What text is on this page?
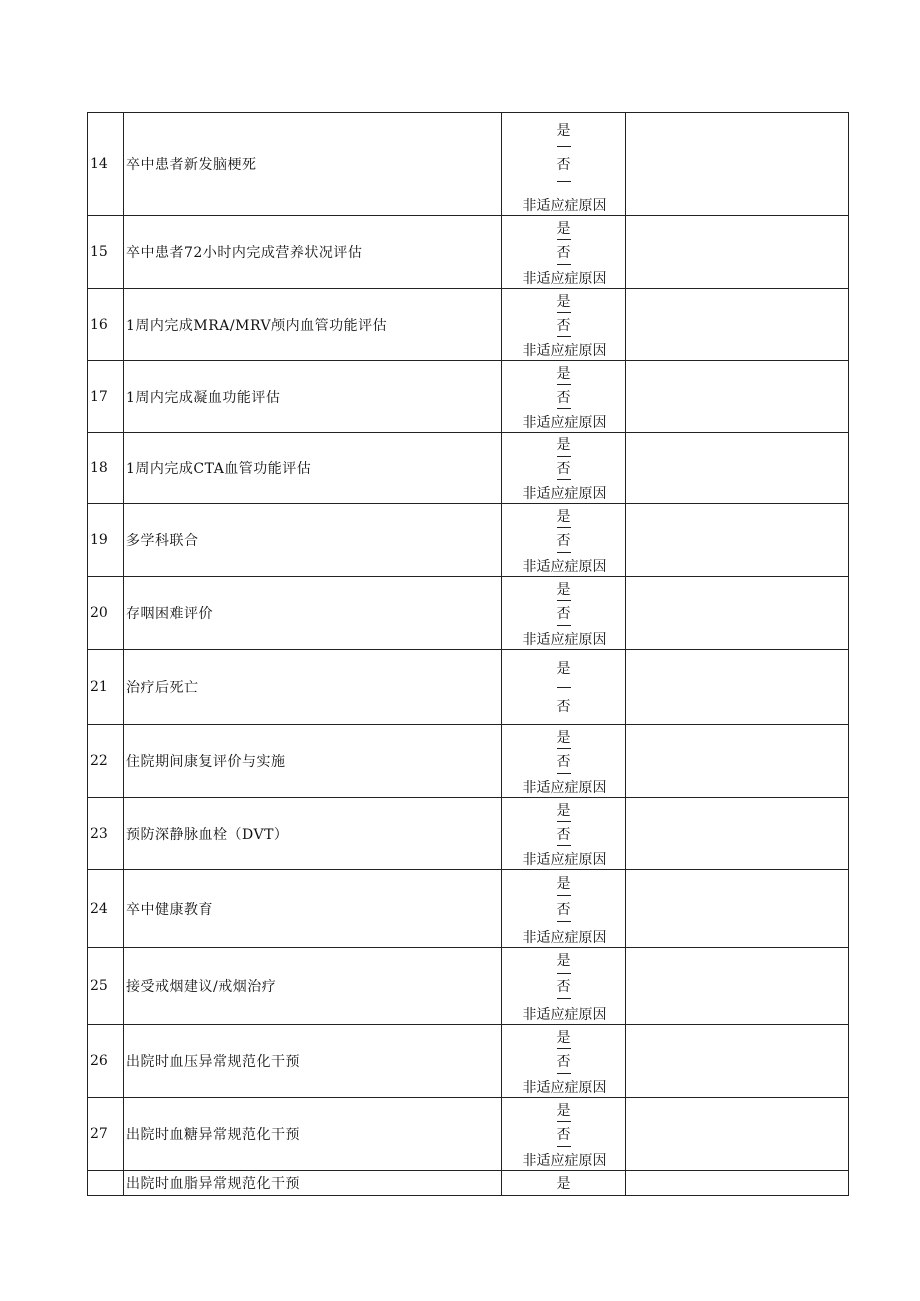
14	卒中患者新发脑梗死
是
否
非适应症原因
15	卒中患者72小时内完成营养状况评估
是
否
非适应症原因
16	1周内完成MRA/MRV颅内血管功能评估
是
否
非适应症原因
17	1周内完成凝血功能评估
是
否
非适应症原因
18	1周内完成CTA血管功能评估
是
否
非适应症原因
19	多学科联合
是
否
非适应症原因
20	存咽困难评价
是
否
非适应症原因
21	治疗后死亡
是
否
22	住院期间康复评价与实施
是
否
非适应症原因
23	预防深静脉血栓（DVT）
是
否
非适应症原因
24	卒中健康教育
是
否
非适应症原因
25	接受戒烟建议/戒烟治疗
是
否
非适应症原因
26	出院时血压异常规范化干预
是
否
非适应症原因
27	出院时血糖异常规范化干预
是
否
非适应症原因
出院时血脂异常规范化干预	是
